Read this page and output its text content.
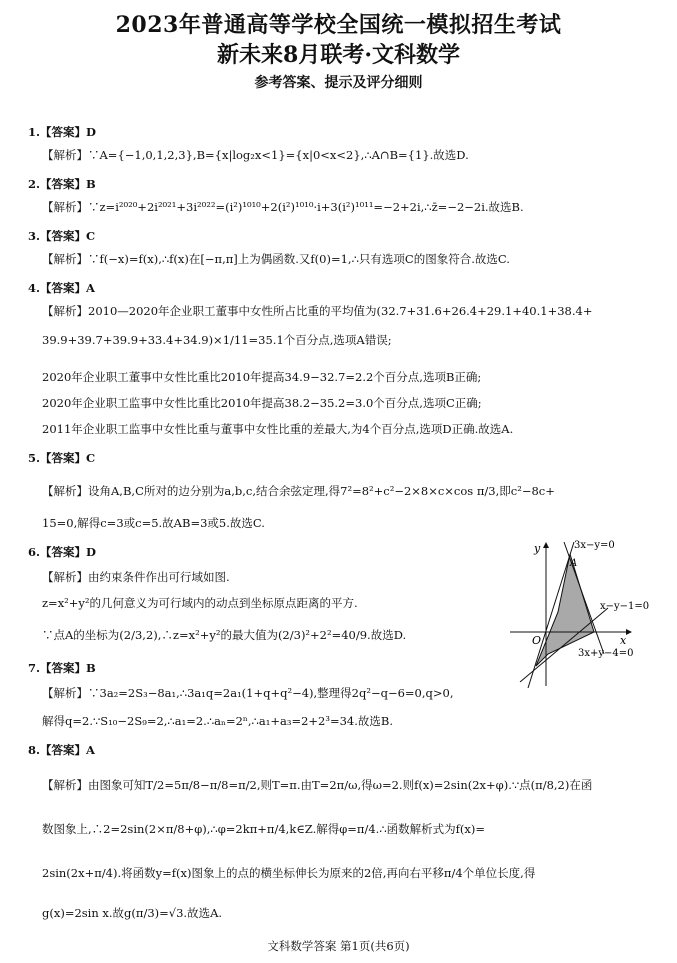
2023年普通高等学校全国统一模拟招生考试
新未来8月联考·文科数学
参考答案、提示及评分细则
1.【答案】D
【解析】∵A={−1,0,1,2,3},B={x|log₂x<1}={x|0<x<2},∴A∩B={1}.故选D.
2.【答案】B
【解析】∵z=i²⁰²⁰+2i²⁰²¹+3i²⁰²²=(i²)¹⁰¹⁰+2(i²)¹⁰¹⁰·i+3(i²)¹⁰¹¹=−2+2i,∴z̄=−2−2i.故选B.
3.【答案】C
【解析】∵f(−x)=f(x),∴f(x)在[−π,π]上为偶函数.又f(0)=1,∴只有选项C的图象符合.故选C.
4.【答案】A
【解析】2010—2020年企业职工董事中女性所占比重的平均值为(32.7+31.6+26.4+29.1+40.1+38.4+
39.9+39.7+39.9+33.4+34.9)×1/11=35.1个百分点,选项A错误;
2020年企业职工董事中女性比重比2010年提高34.9−32.7=2.2个百分点,选项B正确;
2020年企业职工监事中女性比重比2010年提高38.2−35.2=3.0个百分点,选项C正确;
2011年企业职工监事中女性比重与董事中女性比重的差最大,为4个百分点,选项D正确.故选A.
5.【答案】C
【解析】设角A,B,C所对的边分别为a,b,c,结合余弦定理,得7²=8²+c²−2×8×c×cos π/3,即c²−8c+
15=0,解得c=3或c=5.故AB=3或5.故选C.
6.【答案】D
【解析】由约束条件作出可行域如图.
z=x²+y²的几何意义为可行域内的动点到坐标原点距离的平方.
∵点A的坐标为(2/3,2),∴z=x²+y²的最大值为(2/3)²+2²=40/9.故选D.
y
x
O
A
3x−y=0
x−y−1=0
3x+y−4=0
7.【答案】B
【解析】∵3a₂=2S₃−8a₁,∴3a₁q=2a₁(1+q+q²−4),整理得2q²−q−6=0,q>0,
解得q=2.∵S₁₀−2S₉=2,∴a₁=2.∴aₙ=2ⁿ,∴a₁+a₃=2+2³=34.故选B.
8.【答案】A
【解析】由图象可知T/2=5π/8−π/8=π/2,则T=π.由T=2π/ω,得ω=2.则f(x)=2sin(2x+φ).∵点(π/8,2)在函
数图象上,∴2=2sin(2×π/8+φ),∴φ=2kπ+π/4,k∈Z.解得φ=π/4.∴函数解析式为f(x)=
2sin(2x+π/4).将函数y=f(x)图象上的点的横坐标伸长为原来的2倍,再向右平移π/4个单位长度,得
g(x)=2sin x.故g(π/3)=√3.故选A.
文科数学答案 第1页(共6页)
